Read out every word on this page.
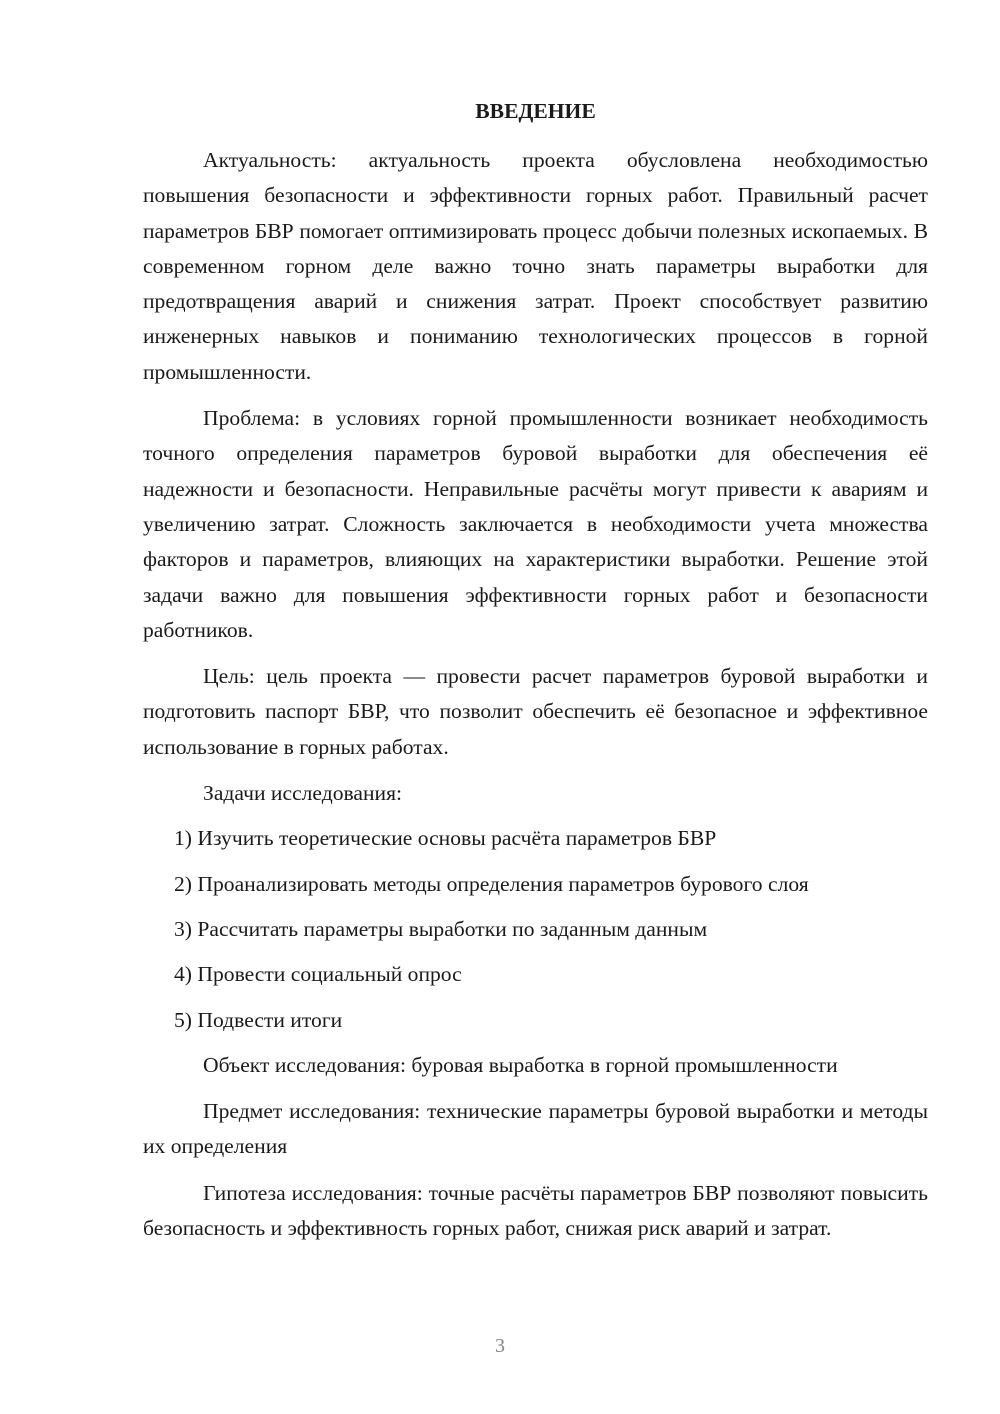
ВВЕДЕНИЕ

Актуальность: актуальность проекта обусловлена необходимостью повышения безопасности и эффективности горных работ. Правильный расчет параметров БВР помогает оптимизировать процесс добычи полезных ископаемых. В современном горном деле важно точно знать параметры выработки для предотвращения аварий и снижения затрат. Проект способствует развитию инженерных навыков и пониманию технологических процессов в горной промышленности.

Проблема: в условиях горной промышленности возникает необходимость точного определения параметров буровой выработки для обеспечения её надежности и безопасности. Неправильные расчёты могут привести к авариям и увеличению затрат. Сложность заключается в необходимости учета множества факторов и параметров, влияющих на характеристики выработки. Решение этой задачи важно для повышения эффективности горных работ и безопасности работников.

Цель: цель проекта — провести расчет параметров буровой выработки и подготовить паспорт БВР, что позволит обеспечить её безопасное и эффективное использование в горных работах.

Задачи исследования:

1) Изучить теоретические основы расчёта параметров БВР
2) Проанализировать методы определения параметров бурового слоя
3) Рассчитать параметры выработки по заданным данным
4) Провести социальный опрос
5) Подвести итоги

Объект исследования: буровая выработка в горной промышленности

Предмет исследования: технические параметры буровой выработки и методы их определения

Гипотеза исследования: точные расчёты параметров БВР позволяют повысить безопасность и эффективность горных работ, снижая риск аварий и затрат.

3
